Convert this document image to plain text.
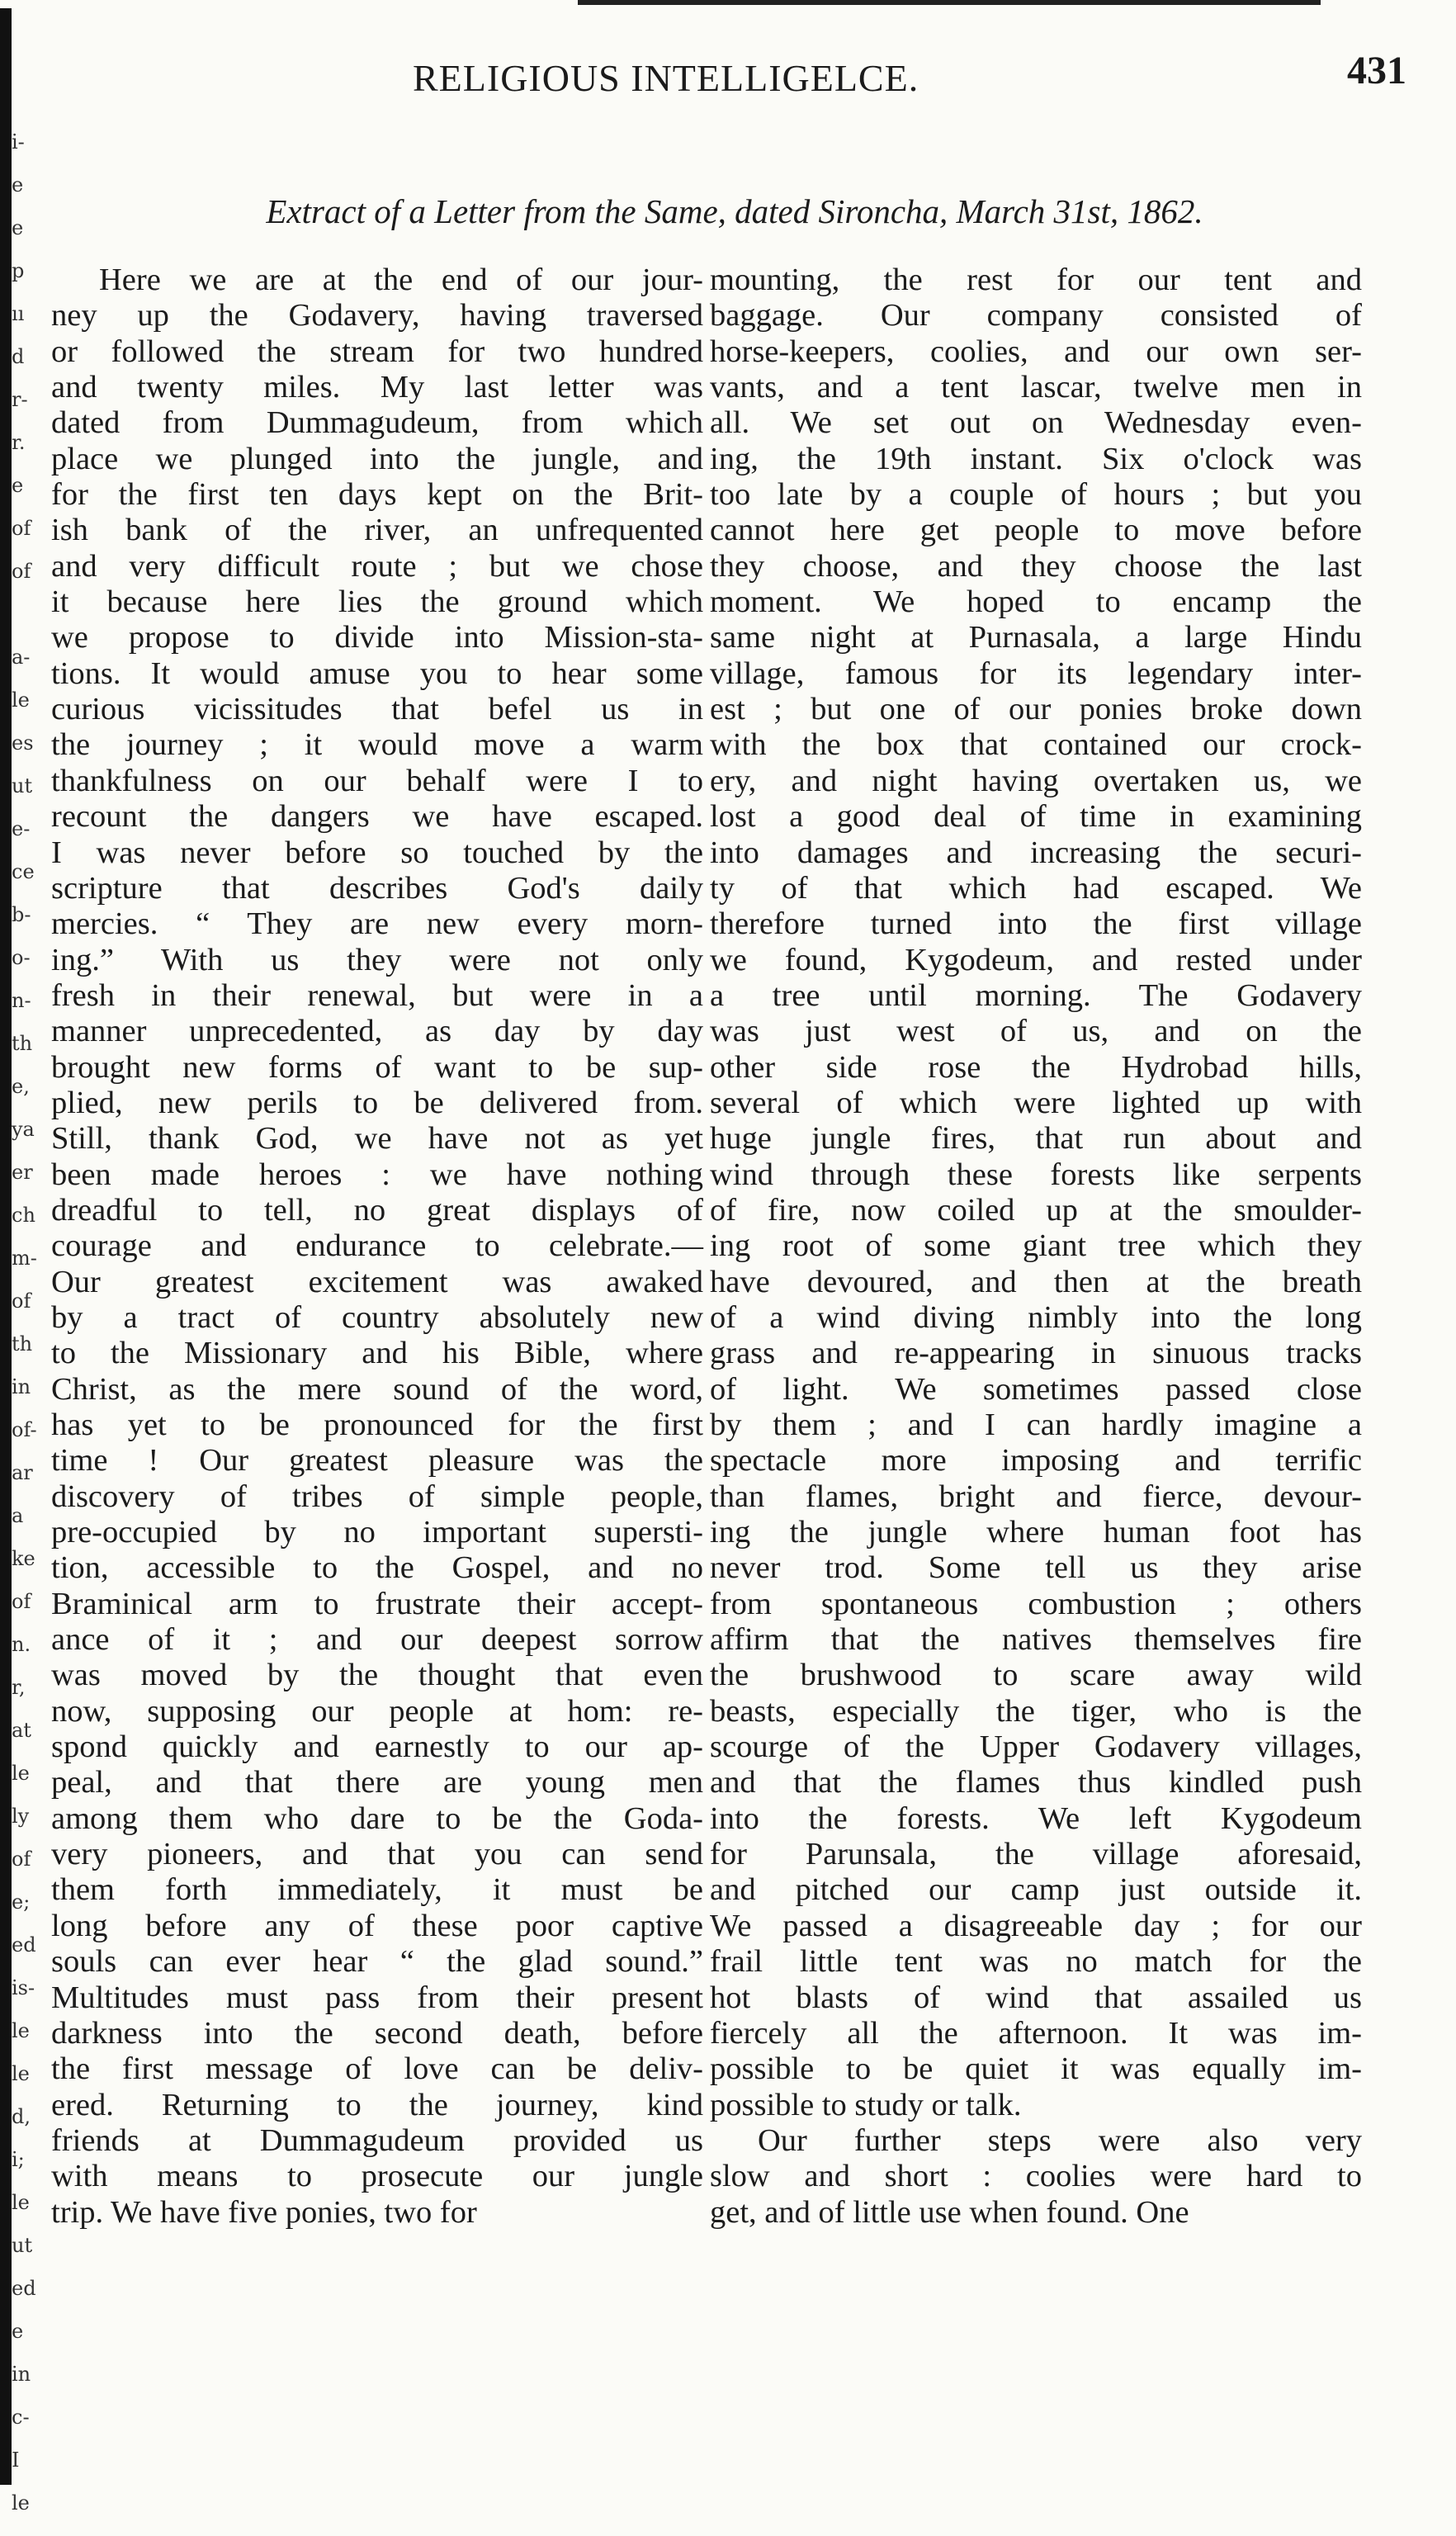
i-
e
e
p
ıı
d
r-
r.
e
of
of
a-
le
es
ut
e-
ce
b-
o-
n-
th
e,
ya
er
ch
m-
of
th
in
of-
ar
a
ke
of
n.
r,
at
le
ly
of
e;
ed
is-
le
le
d,
i;
le
ut
ed
e
in
c-
I
le
RELIGIOUS INTELLIGELCE.	431
Extract of a Letter from the Same, dated Sironcha, March 31st, 1862.
Here we are at the end of our jour-
ney up the Godavery, having traversed
or followed the stream for two hundred
and twenty miles. My last letter was
dated from Dummagudeum, from which
place we plunged into the jungle, and
for the first ten days kept on the Brit-
ish bank of the river, an unfrequented
and very difficult route ; but we chose
it because here lies the ground which
we propose to divide into Mission-sta-
tions. It would amuse you to hear some
curious vicissitudes that befel us in
the journey ; it would move a warm
thankfulness on our behalf were I to
recount the dangers we have escaped.
I was never before so touched by the
scripture that describes God's daily
mercies. “ They are new every morn-
ing.” With us they were not only
fresh in their renewal, but were in a
manner unprecedented, as day by day
brought new forms of want to be sup-
plied, new perils to be delivered from.
Still, thank God, we have not as yet
been made heroes : we have nothing
dreadful to tell, no great displays of
courage and endurance to celebrate.—
Our greatest excitement was awaked
by a tract of country absolutely new
to the Missionary and his Bible, where
Christ, as the mere sound of the word,
has yet to be pronounced for the first
time ! Our greatest pleasure was the
discovery of tribes of simple people,
pre-occupied by no important supersti-
tion, accessible to the Gospel, and no
Braminical arm to frustrate their accept-
ance of it ; and our deepest sorrow
was moved by the thought that even
now, supposing our people at hom: re-
spond quickly and earnestly to our ap-
peal, and that there are young men
among them who dare to be the Goda-
very pioneers, and that you can send
them forth immediately, it must be
long before any of these poor captive
souls can ever hear “ the glad sound.”
Multitudes must pass from their present
darkness into the second death, before
the first message of love can be deliv-
ered. Returning to the journey, kind
friends at Dummagudeum provided us
with means to prosecute our jungle
trip. We have five ponies, two for
mounting, the rest for our tent and
baggage. Our company consisted of
horse-keepers, coolies, and our own ser-
vants, and a tent lascar, twelve men in
all. We set out on Wednesday even-
ing, the 19th instant. Six o'clock was
too late by a couple of hours ; but you
cannot here get people to move before
they choose, and they choose the last
moment. We hoped to encamp the
same night at Purnasala, a large Hindu
village, famous for its legendary inter-
est ; but one of our ponies broke down
with the box that contained our crock-
ery, and night having overtaken us, we
lost a good deal of time in examining
into damages and increasing the securi-
ty of that which had escaped. We
therefore turned into the first village
we found, Kygodeum, and rested under
a tree until morning. The Godavery
was just west of us, and on the
other side rose the Hydrobad hills,
several of which were lighted up with
huge jungle fires, that run about and
wind through these forests like serpents
of fire, now coiled up at the smoulder-
ing root of some giant tree which they
have devoured, and then at the breath
of a wind diving nimbly into the long
grass and re-appearing in sinuous tracks
of light. We sometimes passed close
by them ; and I can hardly imagine a
spectacle more imposing and terrific
than flames, bright and fierce, devour-
ing the jungle where human foot has
never trod. Some tell us they arise
from spontaneous combustion ; others
affirm that the natives themselves fire
the brushwood to scare away wild
beasts, especially the tiger, who is the
scourge of the Upper Godavery villages,
and that the flames thus kindled push
into the forests. We left Kygodeum
for Parunsala, the village aforesaid,
and pitched our camp just outside it.
We passed a disagreeable day ; for our
frail little tent was no match for the
hot blasts of wind that assailed us
fiercely all the afternoon. It was im-
possible to be quiet it was equally im-
possible to study or talk.
Our further steps were also very
slow and short : coolies were hard to
get, and of little use when found. One
